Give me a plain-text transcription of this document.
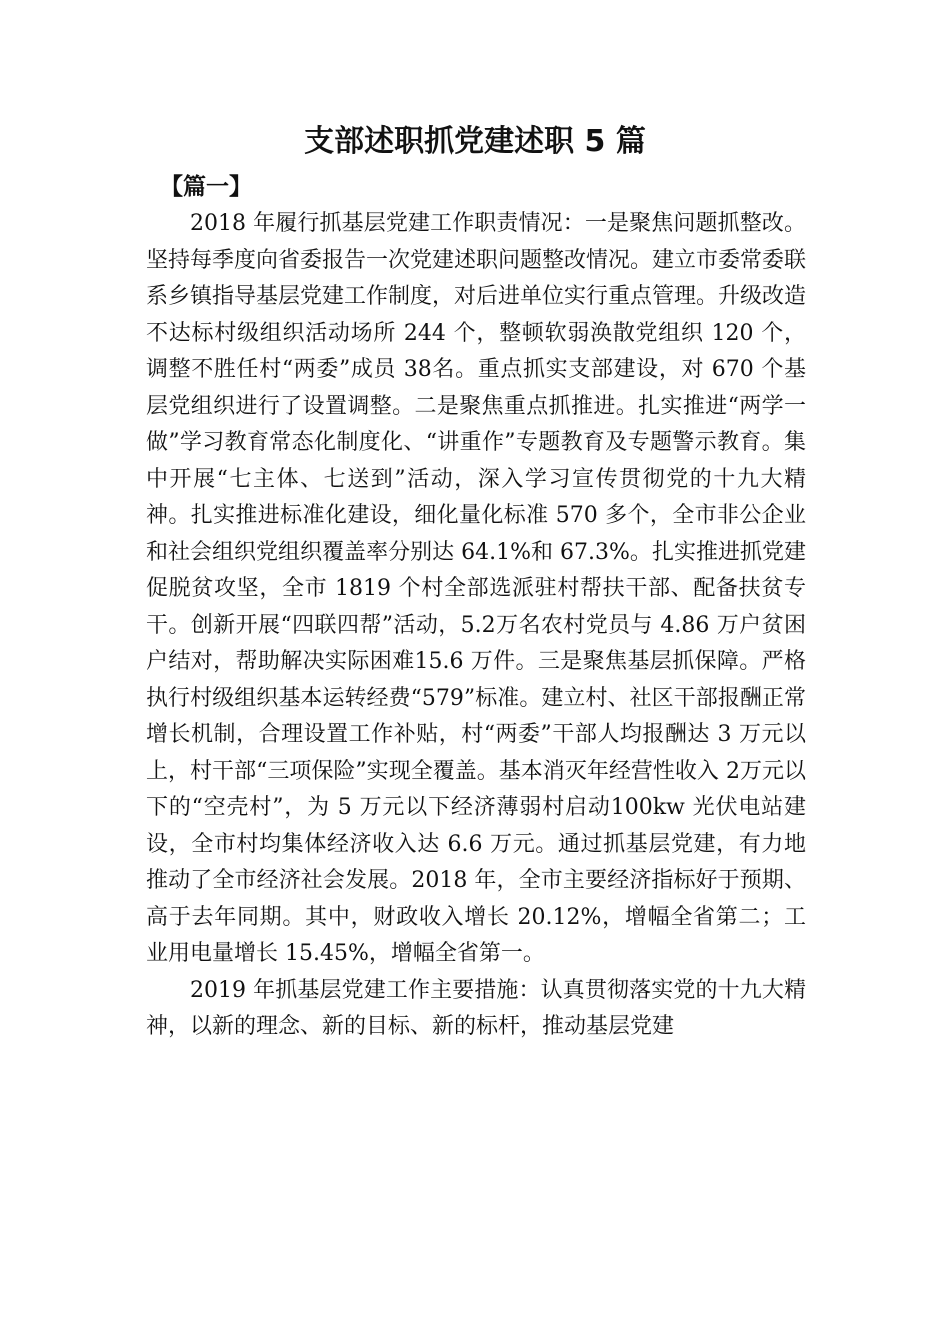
支部述职抓党建述职 5 篇
【篇一】

2018 年履行抓基层党建工作职责情况：一是聚焦问题抓整改。坚持每季度向省委报告一次党建述职问题整改情况。建立市委常委联系乡镇指导基层党建工作制度，对后进单位实行重点管理。升级改造不达标村级组织活动场所 244 个，整顿软弱涣散党组织 120 个，调整不胜任村“两委”成员 38名。重点抓实支部建设，对 670 个基层党组织进行了设置调整。二是聚焦重点抓推进。扎实推进“两学一做”学习教育常态化制度化、“讲重作”专题教育及专题警示教育。集中开展“七主体、七送到”活动，深入学习宣传贯彻党的十九大精神。扎实推进标准化建设，细化量化标准 570 多个，全市非公企业和社会组织党组织覆盖率分别达 64.1%和 67.3%。扎实推进抓党建促脱贫攻坚，全市 1819 个村全部选派驻村帮扶干部、配备扶贫专干。创新开展“四联四帮”活动，5.2万名农村党员与 4.86 万户贫困户结对，帮助解决实际困难15.6 万件。三是聚焦基层抓保障。严格执行村级组织基本运转经费“579”标准。建立村、社区干部报酬正常增长机制，合理设置工作补贴，村“两委”干部人均报酬达 3 万元以上，村干部“三项保险”实现全覆盖。基本消灭年经营性收入 2万元以下的“空壳村”，为 5 万元以下经济薄弱村启动100kw 光伏电站建设，全市村均集体经济收入达 6.6 万元。通过抓基层党建，有力地推动了全市经济社会发展。2018 年，全市主要经济指标好于预期、高于去年同期。其中，财政收入增长 20.12%，增幅全省第二；工业用电量增长 15.45%，增幅全省第一。

2019 年抓基层党建工作主要措施：认真贯彻落实党的十九大精神，以新的理念、新的目标、新的标杆，推动基层党建
